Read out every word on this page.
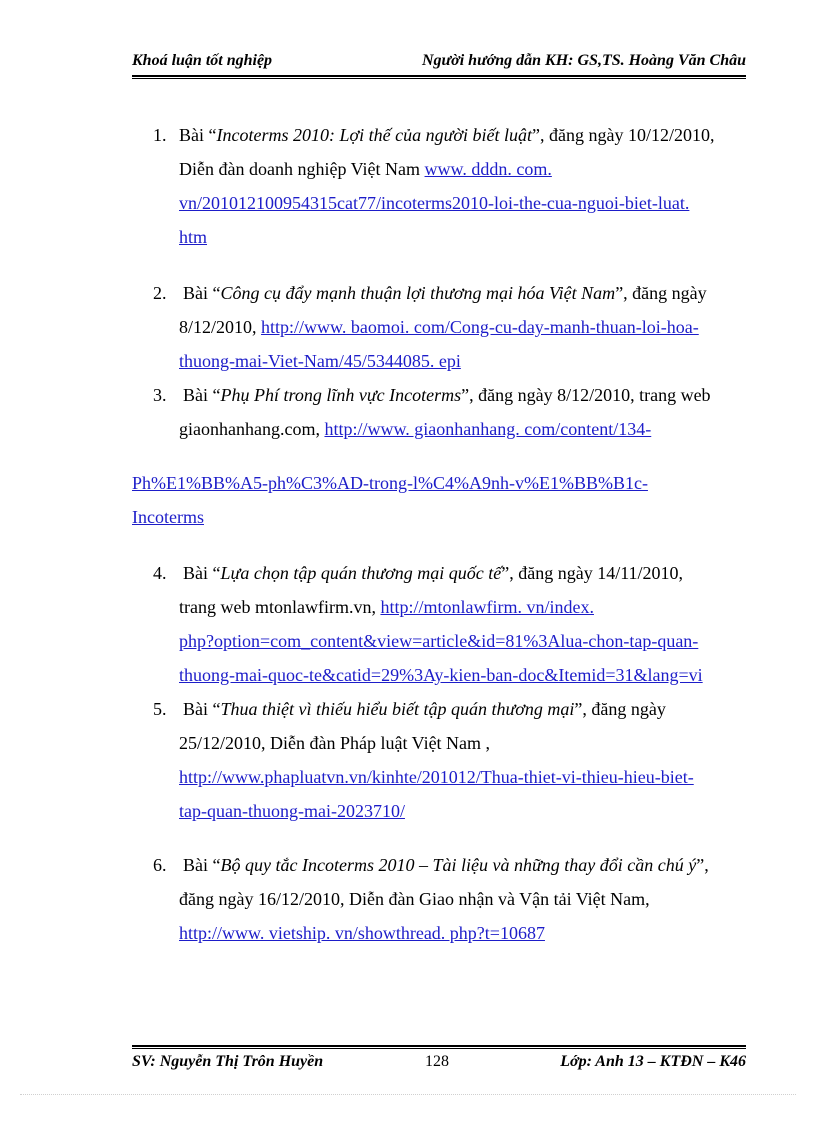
Khoá luận tốt nghiệp	Người hướng dẫn KH: GS,TS. Hoàng Văn Châu
1. Bài “Incoterms 2010: Lợi thế của người biết luật”, đăng ngày 10/12/2010,
Diễn đàn doanh nghiệp Việt Nam www. dddn. com.
vn/201012100954315cat77/incoterms2010-loi-the-cua-nguoi-biet-luat.
htm
2. Bài “Công cụ đẩy mạnh thuận lợi thương mại hóa Việt Nam”, đăng ngày
8/12/2010, http://www. baomoi. com/Cong-cu-day-manh-thuan-loi-hoa-
thuong-mai-Viet-Nam/45/5344085. epi
3. Bài “Phụ Phí trong lĩnh vực Incoterms”, đăng ngày 8/12/2010, trang web
giaonhanhang.com, http://www. giaonhanhang. com/content/134-
Ph%E1%BB%A5-ph%C3%AD-trong-l%C4%A9nh-v%E1%BB%B1c-
Incoterms
4. Bài “Lựa chọn tập quán thương mại quốc tế”, đăng ngày 14/11/2010,
trang web mtonlawfirm.vn, http://mtonlawfirm. vn/index.
php?option=com_content&view=article&id=81%3Alua-chon-tap-quan-
thuong-mai-quoc-te&catid=29%3Ay-kien-ban-doc&Itemid=31&lang=vi
5. Bài “Thua thiệt vì thiếu hiểu biết tập quán thương mại”, đăng ngày
25/12/2010, Diễn đàn Pháp luật Việt Nam ,
http://www.phapluatvn.vn/kinhte/201012/Thua-thiet-vi-thieu-hieu-biet-
tap-quan-thuong-mai-2023710/
6. Bài “Bộ quy tắc Incoterms 2010 – Tài liệu và những thay đổi cần chú ý”,
đăng ngày 16/12/2010, Diễn đàn Giao nhận và Vận tải Việt Nam,
http://www. vietship. vn/showthread. php?t=10687
SV: Nguyễn Thị Trôn Huyền	128	Lớp: Anh 13 – KTĐN – K46
